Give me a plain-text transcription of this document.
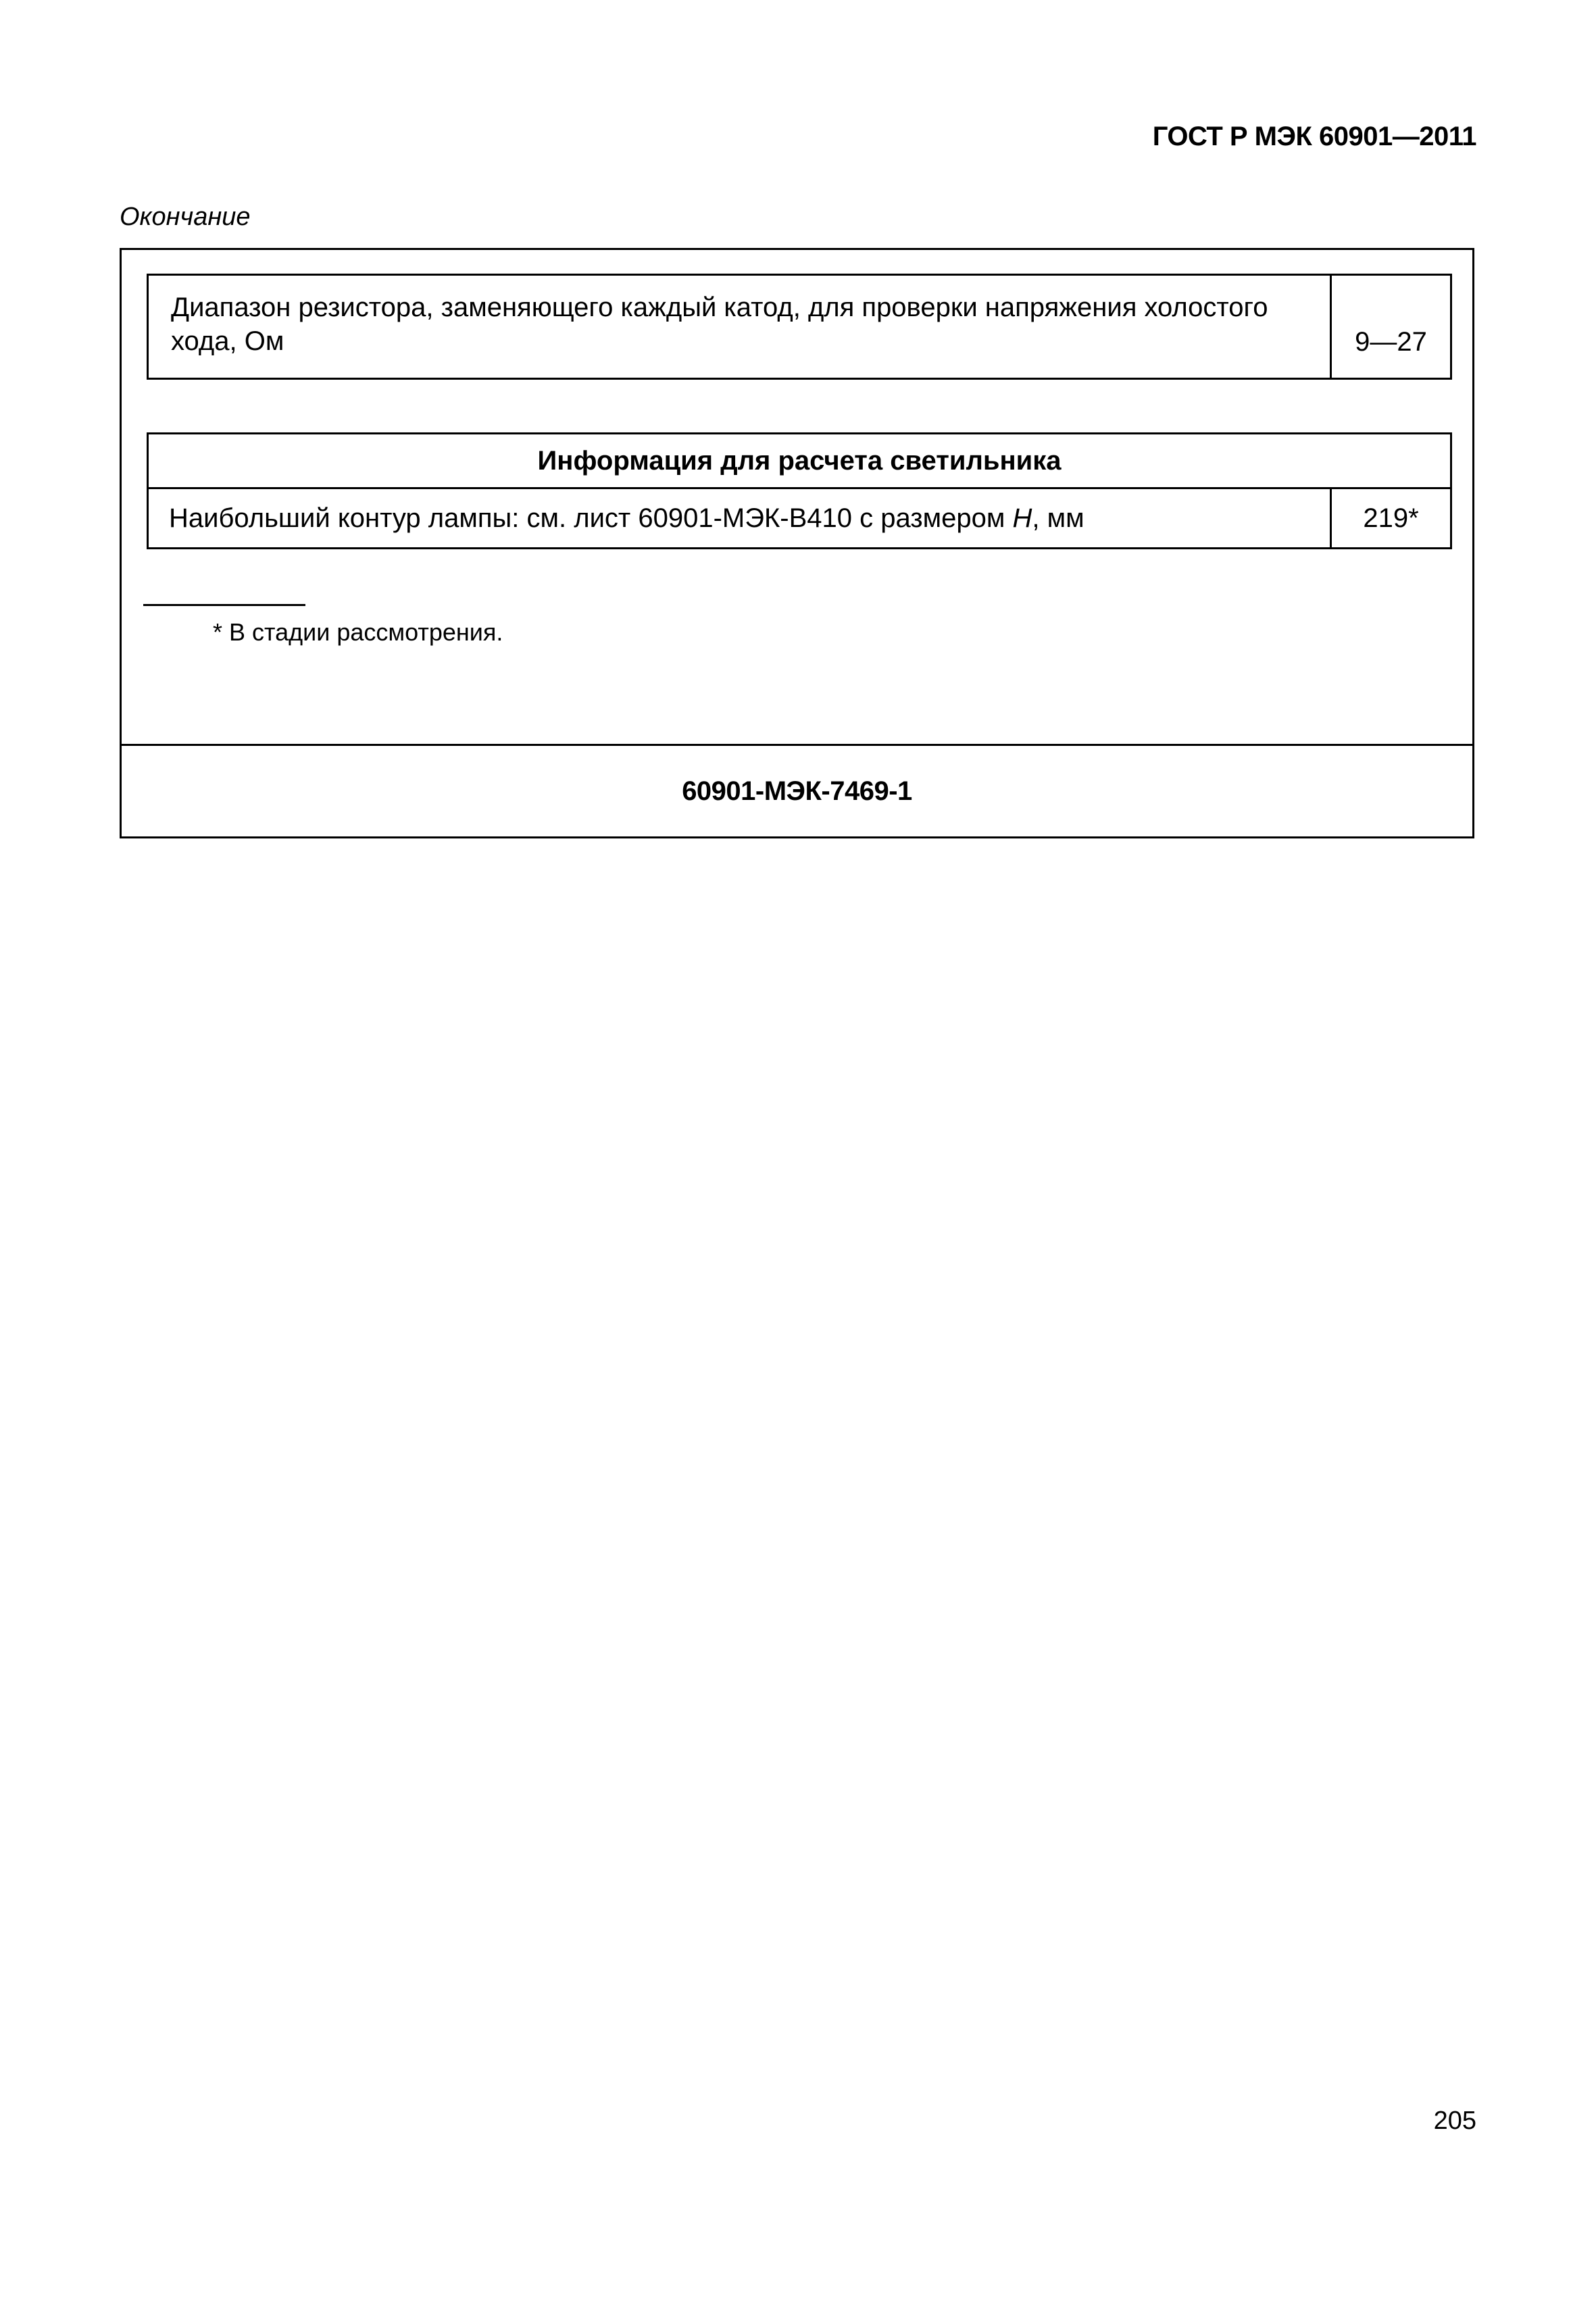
ГОСТ Р МЭК 60901—2011
Окончание
Диапазон резистора, заменяющего каждый катод, для проверки напряжения холостого хода, Ом	9—27
Информация для расчета светильника
Наибольший контур лампы: см. лист 60901-МЭК-В410 с размером H , мм	219*
* В стадии рассмотрения.
60901-МЭК-7469-1
205
